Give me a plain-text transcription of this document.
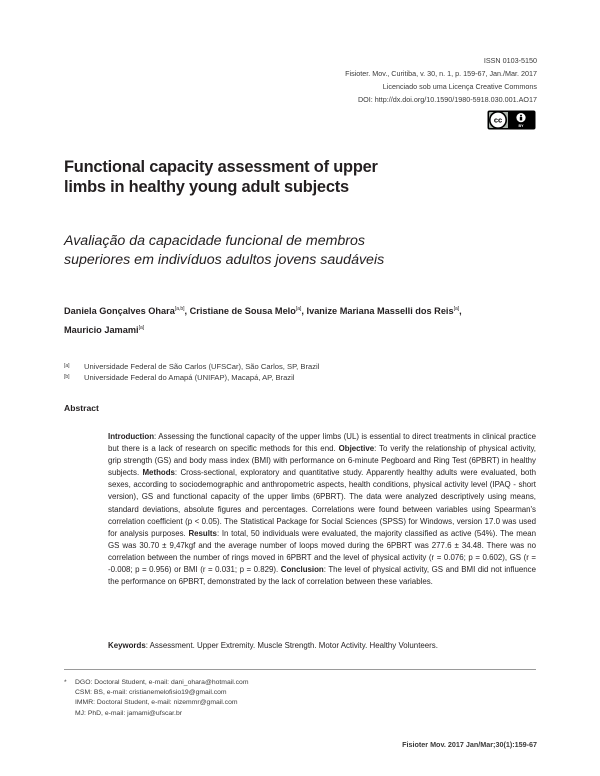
ISSN 0103-5150
Fisioter. Mov., Curitiba, v. 30, n. 1, p. 159-67, Jan./Mar. 2017
Licenciado sob uma Licença Creative Commons
DOI: http://dx.doi.org/10.1590/1980-5918.030.001.AO17
cc
BY
Functional capacity assessment of upper
limbs in healthy young adult subjects
Avaliação da capacidade funcional de membros
superiores em indivíduos adultos jovens saudáveis
Daniela Gonçalves Ohara[a,b], Cristiane de Sousa Melo[a], Ivanize Mariana Masselli dos Reis[a],
Mauricio Jamami[a]
[a]	Universidade Federal de São Carlos (UFSCar), São Carlos, SP, Brazil
[b]	Universidade Federal do Amapá (UNIFAP), Macapá, AP, Brazil
Abstract
Introduction: Assessing the functional capacity of the upper limbs (UL) is essential to direct treatments in clinical practice but there is a lack of research on specific methods for this end. Objective: To verify the relationship of physical activity, grip strength (GS) and body mass index (BMI) with performance on 6-minute Pegboard and Ring Test (6PBRT) in healthy subjects. Methods: Cross-sectional, exploratory and quantitative study. Apparently healthy adults were evaluated, both sexes, according to sociodemographic and anthropometric aspects, health conditions, physical activity level (IPAQ - short version), GS and functional capacity of the upper limbs (6PBRT). The data were analyzed descriptively using means, standard deviations, absolute figures and percentages. Correlations were found between variables using Spearman's correlation coefficient (p < 0.05). The Statistical Package for Social Sciences (SPSS) for Windows, version 17.0 was used for analysis purposes. Results: In total, 50 individuals were evaluated, the majority classified as active (54%). The mean GS was 30.70 ± 9,47kgf and the average number of loops moved during the 6PBRT was 277.6 ± 34.48. There was no correlation between the number of rings moved in 6PBRT and the level of physical activity (r = 0.076; p = 0.602), GS (r = -0.008; p = 0.956) or BMI (r = 0.031; p = 0.829). Conclusion: The level of physical activity, GS and BMI did not influence the performance on 6PBRT, demonstrated by the lack of correlation between these variables.
Keywords: Assessment. Upper Extremity. Muscle Strength. Motor Activity. Healthy Volunteers.
*	DGO: Doctoral Student, e-mail: dani_ohara@hotmail.com
CSM: BS, e-mail: cristianemelofisio19@gmail.com
IMMR: Doctoral Student, e-mail: nizemmr@gmail.com
MJ: PhD, e-mail: jamami@ufscar.br
Fisioter Mov. 2017 Jan/Mar;30(1):159-67
